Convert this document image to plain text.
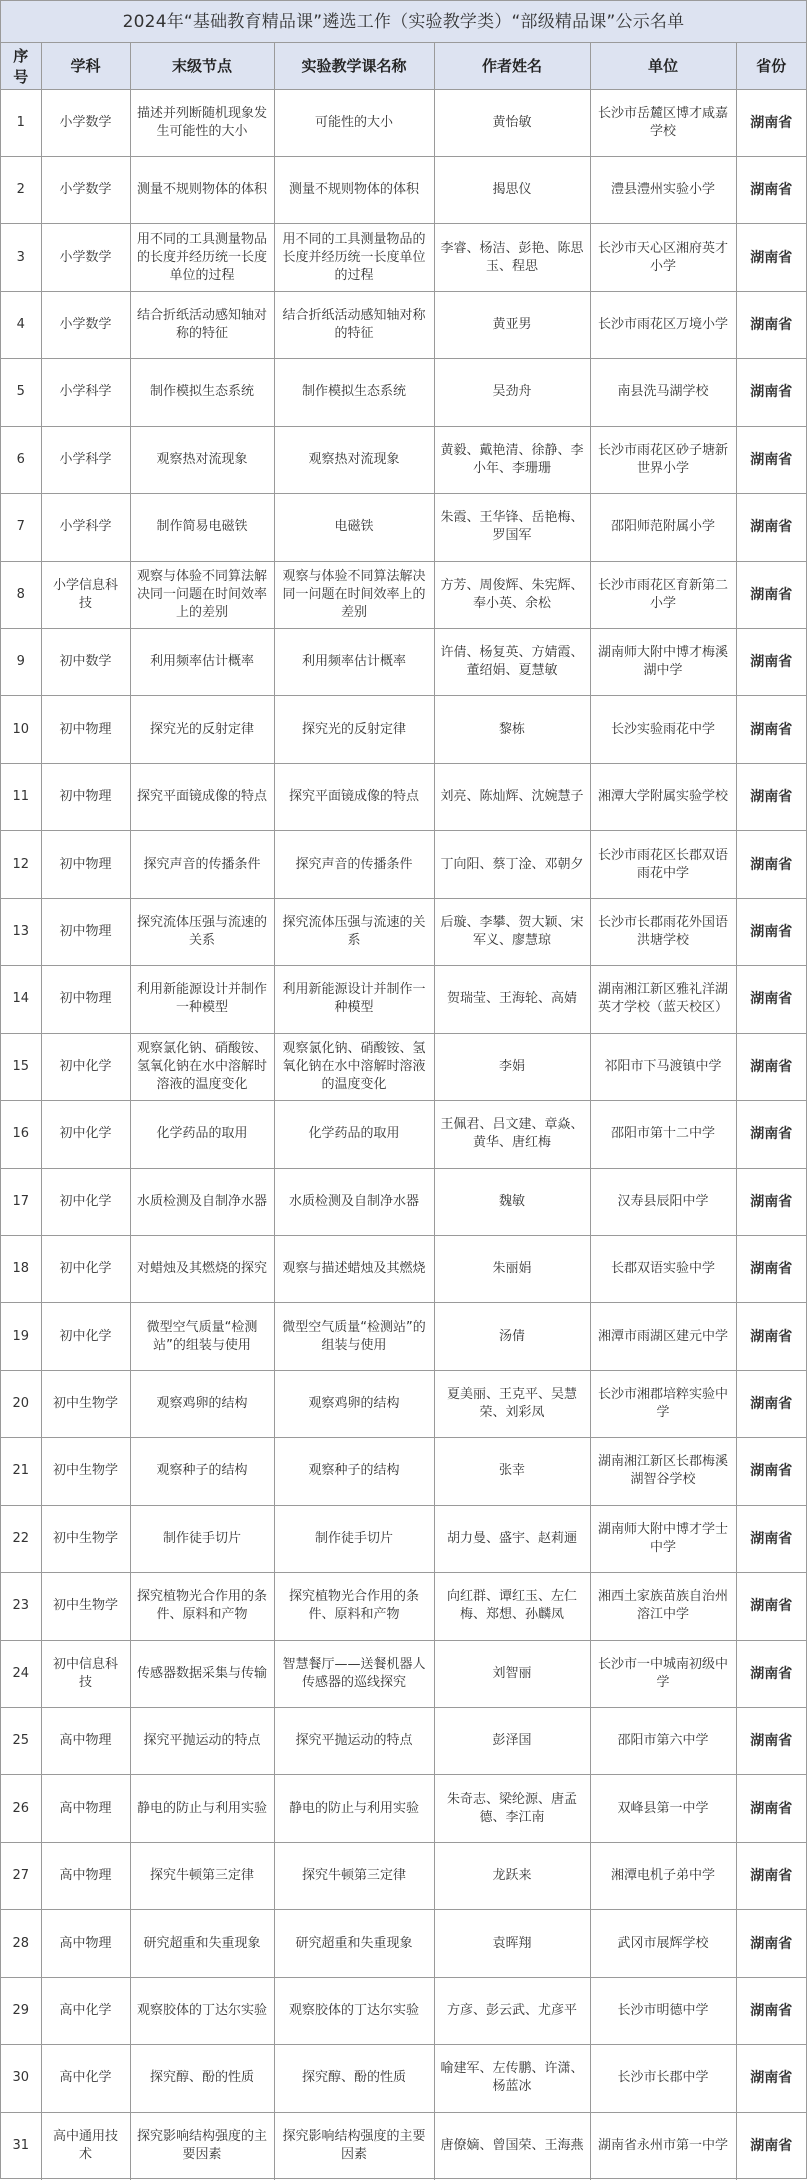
2024年“基础教育精品课”遴选工作（实验教学类）“部级精品课”公示名单
序号	学科	末级节点	实验教学课名称	作者姓名	单位	省份
1	小学数学	描述并列断随机现象发生可能性的大小	可能性的大小	黄怡敏	长沙市岳麓区博才咸嘉学校	湖南省
2	小学数学	测量不规则物体的体积	测量不规则物体的体积	揭思仪	澧县澧州实验小学	湖南省
3	小学数学	用不同的工具测量物品的长度并经历统一长度单位的过程	用不同的工具测量物品的长度并经历统一长度单位的过程	李睿、杨洁、彭艳、陈思玉、程思	长沙市天心区湘府英才小学	湖南省
4	小学数学	结合折纸活动感知轴对称的特征	结合折纸活动感知轴对称的特征	黄亚男	长沙市雨花区万境小学	湖南省
5	小学科学	制作模拟生态系统	制作模拟生态系统	吴劲舟	南县洗马湖学校	湖南省
6	小学科学	观察热对流现象	观察热对流现象	黄毅、戴艳清、徐静、李小年、李珊珊	长沙市雨花区砂子塘新世界小学	湖南省
7	小学科学	制作简易电磁铁	电磁铁	朱霞、王华锋、岳艳梅、罗国军	邵阳师范附属小学	湖南省
8	小学信息科技	观察与体验不同算法解决同一问题在时间效率上的差别	观察与体验不同算法解决同一问题在时间效率上的差别	方芳、周俊辉、朱宪辉、奉小英、余松	长沙市雨花区育新第二小学	湖南省
9	初中数学	利用频率估计概率	利用频率估计概率	许倩、杨复英、方婧霞、董绍娟、夏慧敏	湖南师大附中博才梅溪湖中学	湖南省
10	初中物理	探究光的反射定律	探究光的反射定律	黎栋	长沙实验雨花中学	湖南省
11	初中物理	探究平面镜成像的特点	探究平面镜成像的特点	刘亮、陈灿辉、沈婉慧子	湘潭大学附属实验学校	湖南省
12	初中物理	探究声音的传播条件	探究声音的传播条件	丁向阳、蔡丁淦、邓朝夕	长沙市雨花区长郡双语雨花中学	湖南省
13	初中物理	探究流体压强与流速的关系	探究流体压强与流速的关系	后璇、李攀、贺大颖、宋军义、廖慧琼	长沙市长郡雨花外国语洪塘学校	湖南省
14	初中物理	利用新能源设计并制作一种模型	利用新能源设计并制作一种模型	贺瑞莹、王海轮、高婧	湖南湘江新区雅礼洋湖英才学校（蓝天校区）	湖南省
15	初中化学	观察氯化钠、硝酸铵、氢氧化钠在水中溶解时溶液的温度变化	观察氯化钠、硝酸铵、氢氧化钠在水中溶解时溶液的温度变化	李娟	祁阳市下马渡镇中学	湖南省
16	初中化学	化学药品的取用	化学药品的取用	王佩君、吕文建、章焱、黄华、唐红梅	邵阳市第十二中学	湖南省
17	初中化学	水质检测及自制净水器	水质检测及自制净水器	魏敏	汉寿县辰阳中学	湖南省
18	初中化学	对蜡烛及其燃烧的探究	观察与描述蜡烛及其燃烧	朱丽娟	长郡双语实验中学	湖南省
19	初中化学	微型空气质量“检测站”的组装与使用	微型空气质量“检测站”的组装与使用	汤倩	湘潭市雨湖区建元中学	湖南省
20	初中生物学	观察鸡卵的结构	观察鸡卵的结构	夏美丽、王克平、吴慧荣、刘彩凤	长沙市湘郡培粹实验中学	湖南省
21	初中生物学	观察种子的结构	观察种子的结构	张幸	湖南湘江新区长郡梅溪湖智谷学校	湖南省
22	初中生物学	制作徒手切片	制作徒手切片	胡力曼、盛宇、赵莉逦	湖南师大附中博才学士中学	湖南省
23	初中生物学	探究植物光合作用的条件、原料和产物	探究植物光合作用的条件、原料和产物	向红群、谭红玉、左仁梅、郑想、孙麟凤	湘西土家族苗族自治州溶江中学	湖南省
24	初中信息科技	传感器数据采集与传输	智慧餐厅——送餐机器人传感器的巡线探究	刘智丽	长沙市一中城南初级中学	湖南省
25	高中物理	探究平抛运动的特点	探究平抛运动的特点	彭泽国	邵阳市第六中学	湖南省
26	高中物理	静电的防止与利用实验	静电的防止与利用实验	朱奇志、梁纶源、唐孟德、李江南	双峰县第一中学	湖南省
27	高中物理	探究牛顿第三定律	探究牛顿第三定律	龙跃来	湘潭电机子弟中学	湖南省
28	高中物理	研究超重和失重现象	研究超重和失重现象	袁晖翔	武冈市展辉学校	湖南省
29	高中化学	观察胶体的丁达尔实验	观察胶体的丁达尔实验	方彦、彭云武、尤彦平	长沙市明德中学	湖南省
30	高中化学	探究醇、酚的性质	探究醇、酚的性质	喻建军、左传鹏、许潇、杨蓝冰	长沙市长郡中学	湖南省
31	高中通用技术	探究影响结构强度的主要因素	探究影响结构强度的主要因素	唐僚嫡、曾国荣、王海燕	湖南省永州市第一中学	湖南省
